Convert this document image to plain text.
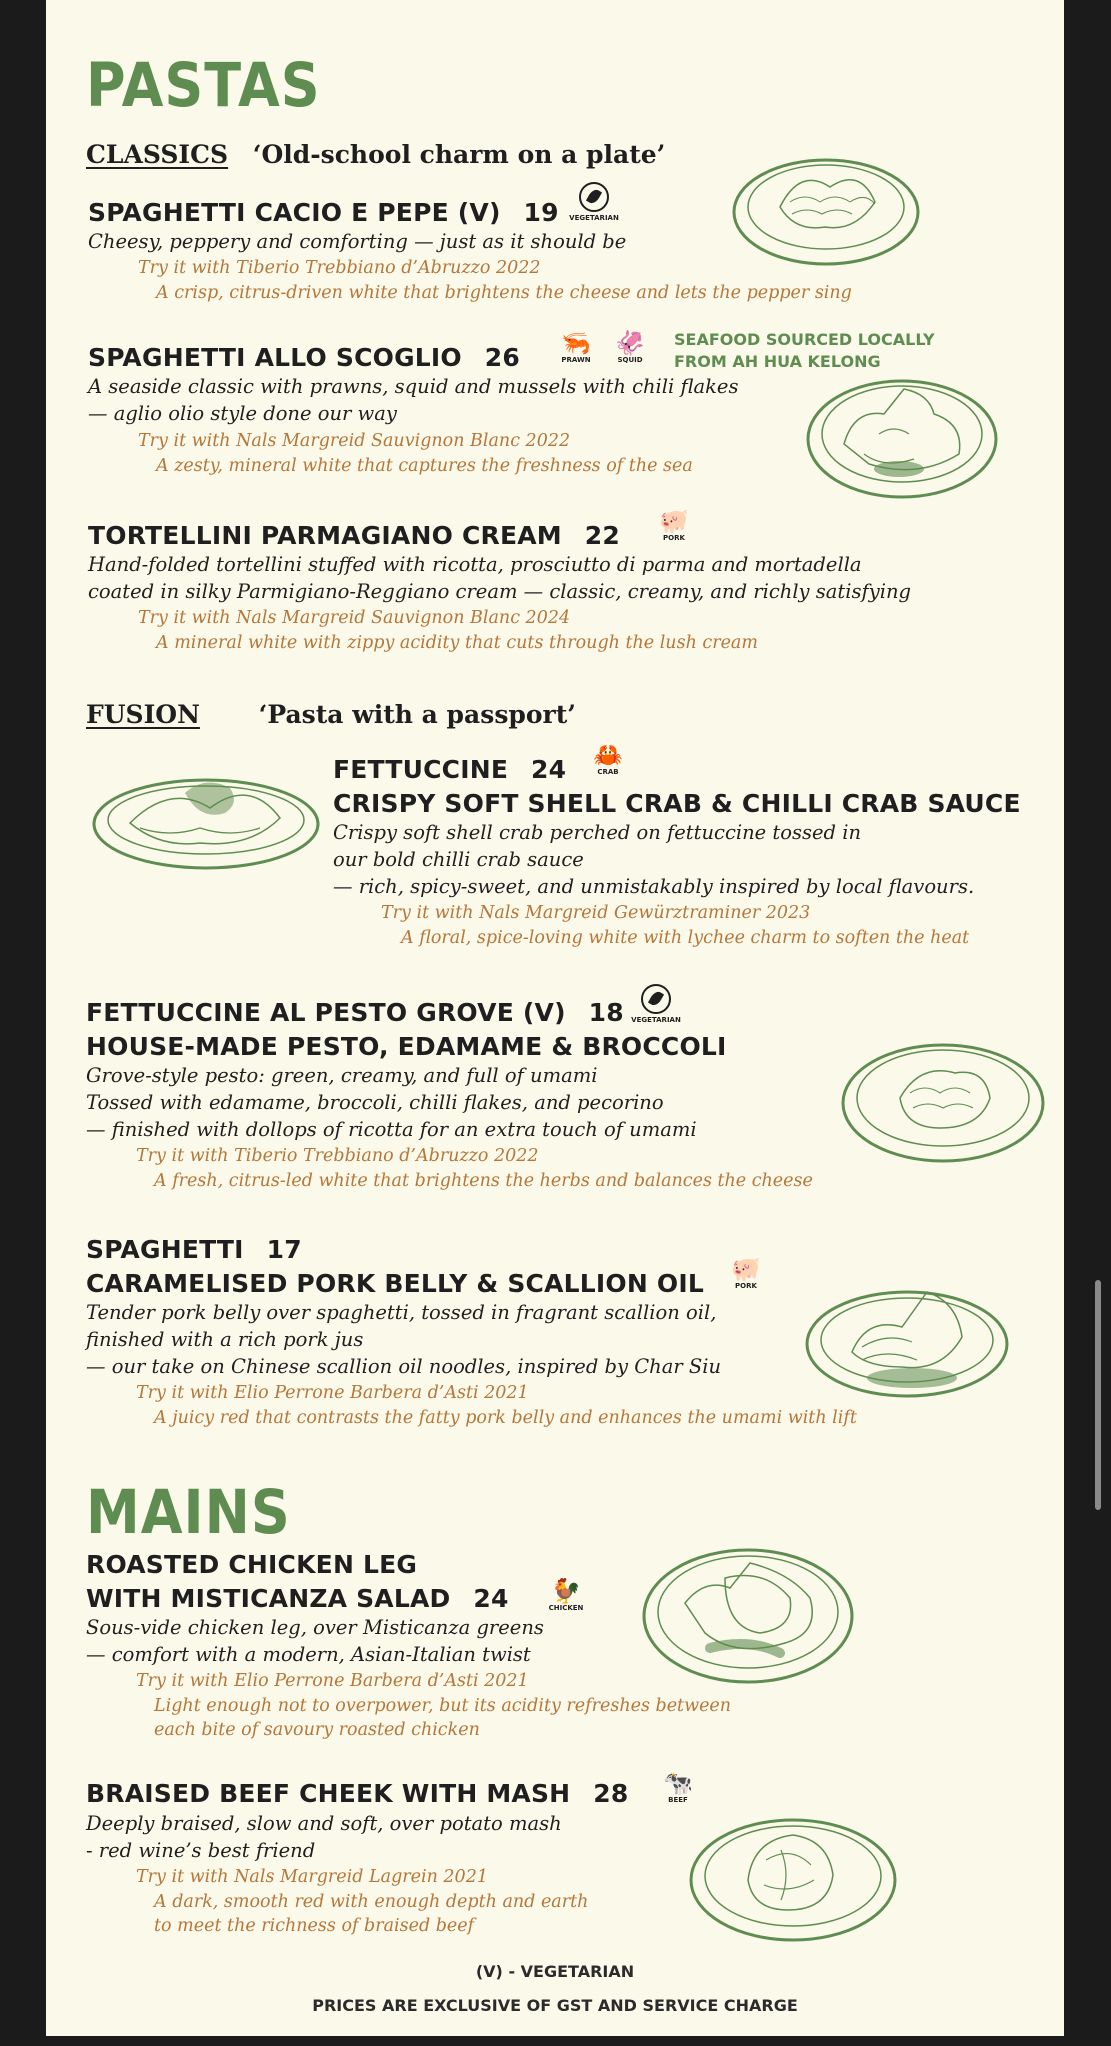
PASTAS
CLASSICS ‘Old-school charm on a plate’
SPAGHETTI CACIO E PEPE (V) 19 VEGETARIAN
Cheesy, peppery and comforting — just as it should be
Try it with Tiberio Trebbiano d’Abruzzo 2022
A crisp, citrus-driven white that brightens the cheese and lets the pepper sing
SPAGHETTI ALLO SCOGLIO 26 🦐
PRAWN
🦑
SQUID
SEAFOOD SOURCED LOCALLY
FROM AH HUA KELONG
A seaside classic with prawns, squid and mussels with chili flakes
— aglio olio style done our way
Try it with Nals Margreid Sauvignon Blanc 2022
A zesty, mineral white that captures the freshness of the sea
TORTELLINI PARMAGIANO CREAM 22 🐖
PORK
Hand-folded tortellini stuffed with ricotta, prosciutto di parma and mortadella
coated in silky Parmigiano-Reggiano cream — classic, creamy, and richly satisfying
Try it with Nals Margreid Sauvignon Blanc 2024
A mineral white with zippy acidity that cuts through the lush cream
FUSION ‘Pasta with a passport’
FETTUCCINE 24 🦀
CRAB
CRISPY SOFT SHELL CRAB & CHILLI CRAB SAUCE
Crispy soft shell crab perched on fettuccine tossed in
our bold chilli crab sauce
— rich, spicy-sweet, and unmistakably inspired by local flavours.
Try it with Nals Margreid Gewürztraminer 2023
A floral, spice-loving white with lychee charm to soften the heat
FETTUCCINE AL PESTO GROVE (V) 18 VEGETARIAN
HOUSE-MADE PESTO, EDAMAME & BROCCOLI
Grove-style pesto: green, creamy, and full of umami
Tossed with edamame, broccoli, chilli flakes, and pecorino
— finished with dollops of ricotta for an extra touch of umami
Try it with Tiberio Trebbiano d’Abruzzo 2022
A fresh, citrus-led white that brightens the herbs and balances the cheese
SPAGHETTI 17
CARAMELISED PORK BELLY & SCALLION OIL 🐖
PORK
Tender pork belly over spaghetti, tossed in fragrant scallion oil,
finished with a rich pork jus
— our take on Chinese scallion oil noodles, inspired by Char Siu
Try it with Elio Perrone Barbera d’Asti 2021
A juicy red that contrasts the fatty pork belly and enhances the umami with lift
MAINS
ROASTED CHICKEN LEG
WITH MISTICANZA SALAD 24 🐓
CHICKEN
Sous-vide chicken leg, over Misticanza greens
— comfort with a modern, Asian-Italian twist
Try it with Elio Perrone Barbera d’Asti 2021
Light enough not to overpower, but its acidity refreshes between
each bite of savoury roasted chicken
BRAISED BEEF CHEEK WITH MASH 28 🐄
BEEF
Deeply braised, slow and soft, over potato mash
- red wine’s best friend
Try it with Nals Margreid Lagrein 2021
A dark, smooth red with enough depth and earth
to meet the richness of braised beef
(V) - VEGETARIAN
PRICES ARE EXCLUSIVE OF GST AND SERVICE CHARGE
